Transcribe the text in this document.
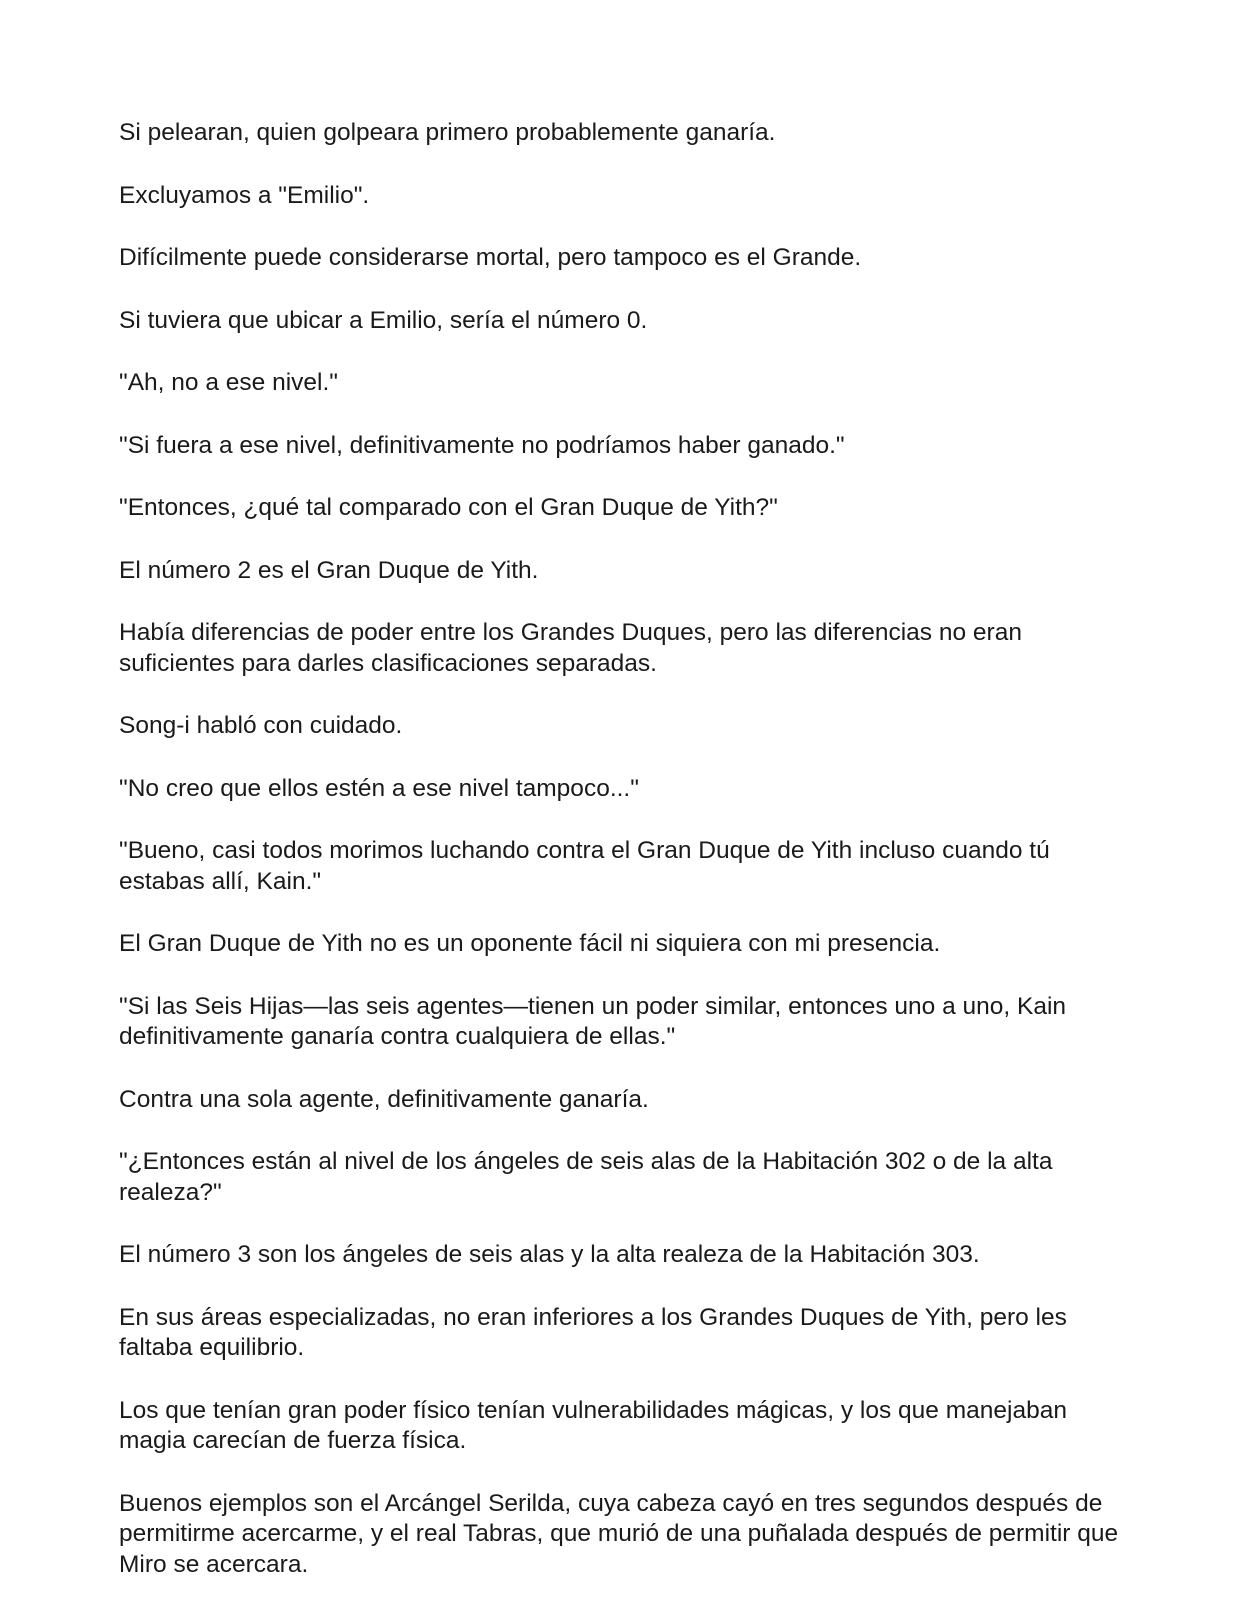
Si pelearan, quien golpeara primero probablemente ganaría.

Excluyamos a "Emilio".

Difícilmente puede considerarse mortal, pero tampoco es el Grande.

Si tuviera que ubicar a Emilio, sería el número 0.

"Ah, no a ese nivel."

"Si fuera a ese nivel, definitivamente no podríamos haber ganado."

"Entonces, ¿qué tal comparado con el Gran Duque de Yith?"

El número 2 es el Gran Duque de Yith.

Había diferencias de poder entre los Grandes Duques, pero las diferencias no eran suficientes para darles clasificaciones separadas.

Song-i habló con cuidado.

"No creo que ellos estén a ese nivel tampoco..."

"Bueno, casi todos morimos luchando contra el Gran Duque de Yith incluso cuando tú estabas allí, Kain."

El Gran Duque de Yith no es un oponente fácil ni siquiera con mi presencia.

"Si las Seis Hijas—las seis agentes—tienen un poder similar, entonces uno a uno, Kain definitivamente ganaría contra cualquiera de ellas."

Contra una sola agente, definitivamente ganaría.

"¿Entonces están al nivel de los ángeles de seis alas de la Habitación 302 o de la alta realeza?"

El número 3 son los ángeles de seis alas y la alta realeza de la Habitación 303.

En sus áreas especializadas, no eran inferiores a los Grandes Duques de Yith, pero les faltaba equilibrio.

Los que tenían gran poder físico tenían vulnerabilidades mágicas, y los que manejaban magia carecían de fuerza física.

Buenos ejemplos son el Arcángel Serilda, cuya cabeza cayó en tres segundos después de permitirme acercarme, y el real Tabras, que murió de una puñalada después de permitir que Miro se acercara.
